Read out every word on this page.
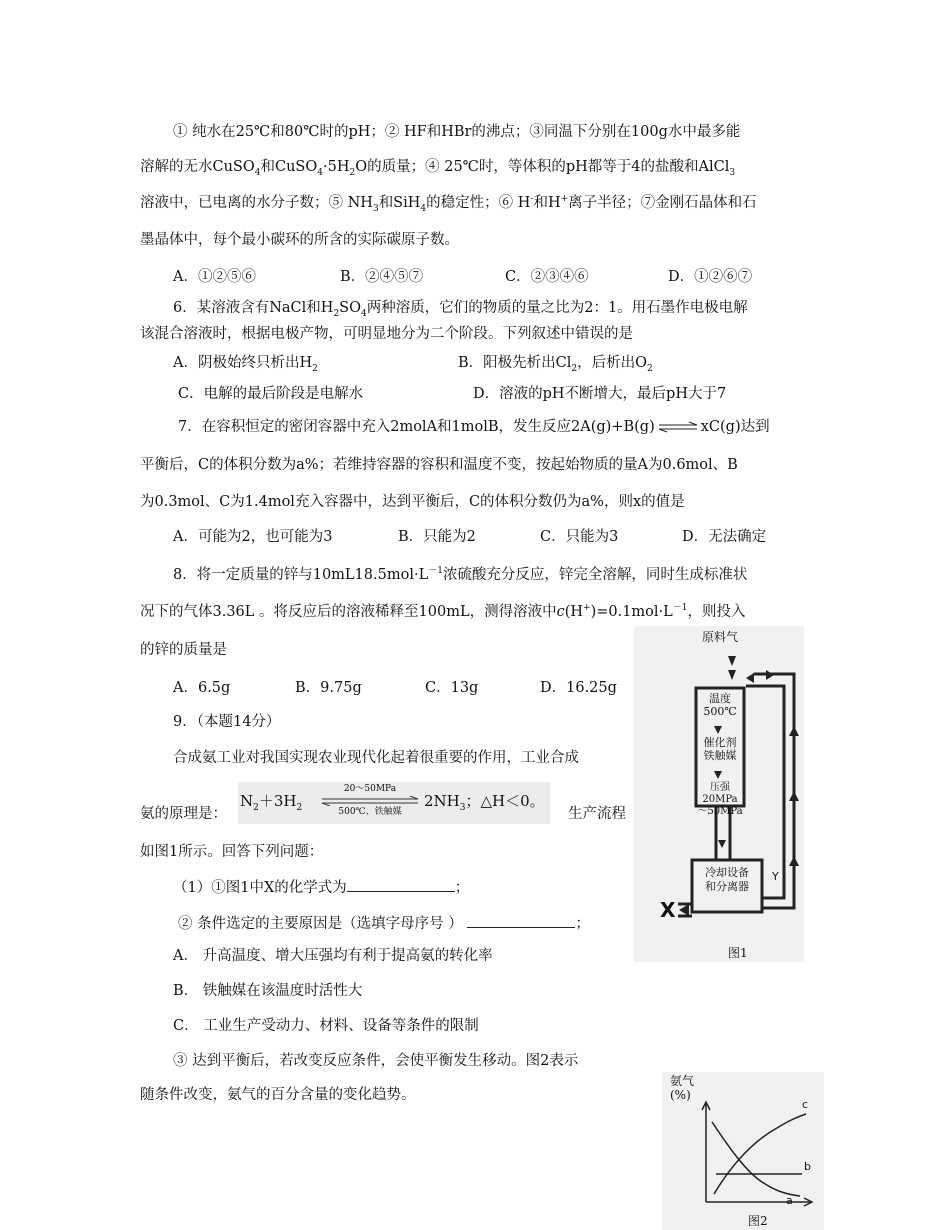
① 纯水在25℃和80℃时的pH；② HF和HBr的沸点；③同温下分别在100g水中最多能
溶解的无水CuSO$_4$和$CuSO_4\cdot 5H_2O$的质量；④ 25℃时，等体积的pH都等于4的盐酸和AlCl$_3$
溶液中，已电离的水分子数；⑤ $NH_3$和SiH$_4$的稳定性；⑥ H-和H+离子半径；⑦金刚石晶体和石
墨晶体中，每个最小碳环的所含的实际碳原子数。
A．①②⑤⑥	B．②④⑤⑦	C．②③④⑥	D．①②⑥⑦
6．某溶液含有NaCl和$H_2SO_4$两种溶质，它们的物质的量之比为2：1。用石墨作电极电解
该混合溶液时，根据电极产物，可明显地分为二个阶段。下列叙述中错误的是
A．阴极始终只析出$H_2$	B．阳极先析出$Cl_2$，后析出$O_2$
C．电解的最后阶段是电解水	D．溶液的pH不断增大，最后pH大于7
7．在容积恒定的密闭容器中充入2molA和1molB，发生反应2A(g)+B(g)⇌xC(g)达到
平衡后，C的体积分数为a%；若维持容器的容积和温度不变，按起始物质的量A为0.6mol、B
为0.3mol、C为1.4mol充入容器中，达到平衡后，C的体积分数仍为a%，则x的值是
A．可能为2，也可能为3	B．只能为2	C．只能为3	D．无法确定
8．将一定质量的锌与$10mL18.5mol\cdot L^{-1}$浓硫酸充分反应，锌完全溶解，同时生成标准状
况下的气体3.36L 。将反应后的溶液稀释至100mL，测得溶液中$c(H^+)=0.1mol\cdot L^{-1}$，则投入
的锌的质量是
A．6.5g	B．9.75g	C．13g	D．16.25g
9．（本题14分）
合成氨工业对我国实现农业现代化起着很重要的作用，工业合成
氨的原理是：
$N_2+3H_2$
20～50MPa
500℃、铁触媒
$2NH_3$；△H＜0。
生产流程
如图1所示。回答下列问题：
（1）①图1中X的化学式为	；
② 条件选定的主要原因是（选填字母序号 ）	；
A． 升高温度、增大压强均有利于提高氨的转化率
B． 铁触媒在该温度时活性大
C． 工业生产受动力、材料、设备等条件的限制
③ 达到平衡后，若改变反应条件，会使平衡发生移动。图2表示
随条件改变，氨气的百分含量的变化趋势。
原料气
温度
500℃
催化剂
铁触媒
压强
20MPa
～50MPa
冷却设备
和分离器
X
Y
图1
氨气
(%)
a
b
c
图2
